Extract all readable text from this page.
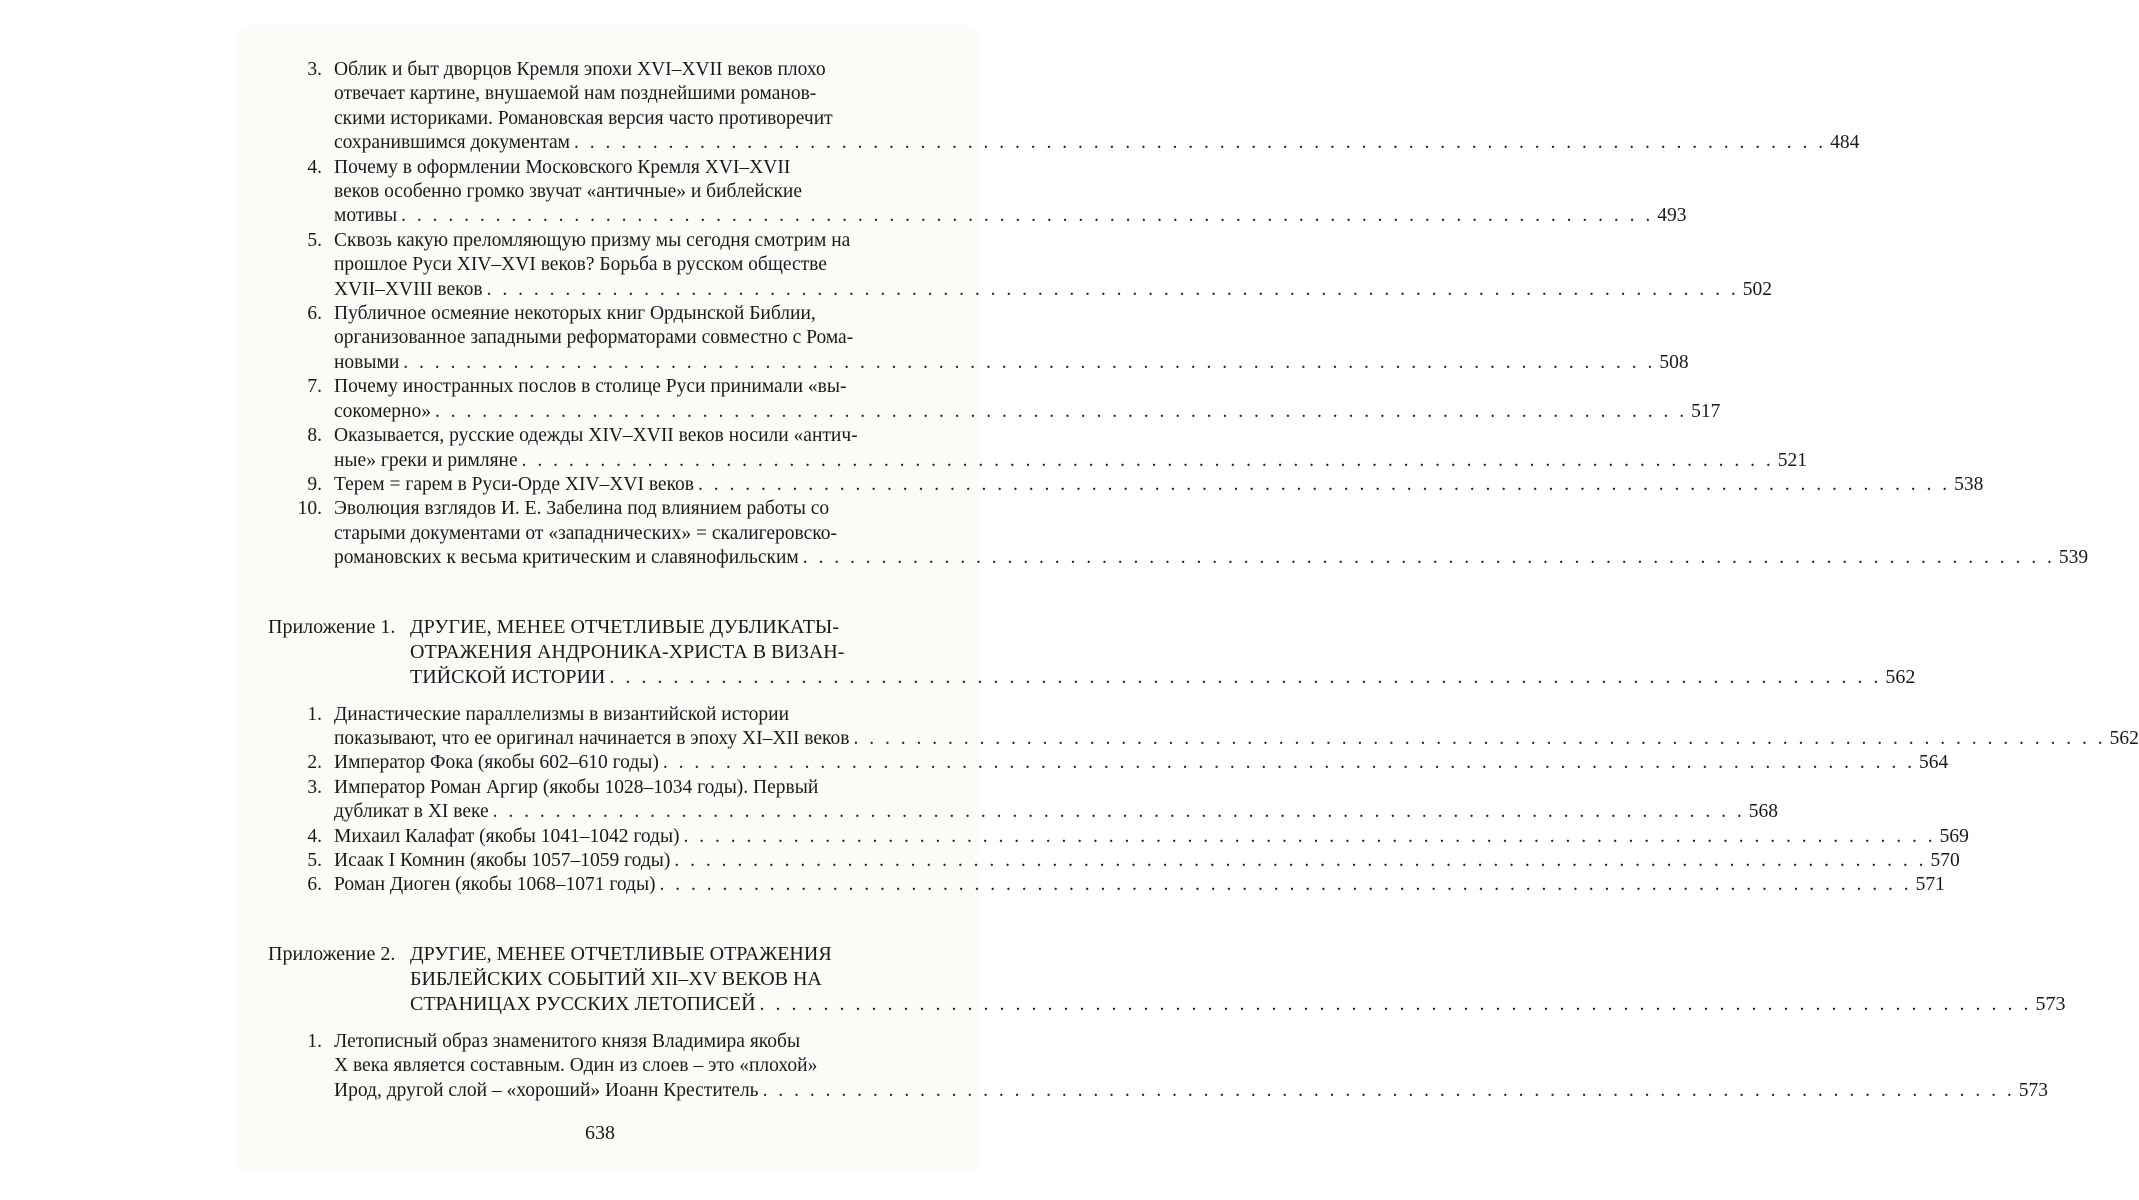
3. Облик и быт дворцов Кремля эпохи XVI–XVII веков плохо
отвечает картине, внушаемой нам позднейшими романов-
скими историками. Романовская версия часто противоречит
сохранившимся документам . . . . . . . . . . . . . . . . . . . . . . . . . . . . . . . . . . . . . . . . . . . . . . . . . . . . . . . . . . . . . . . . . . . . . . . . . . . . . . . . 484
4. Почему в оформлении Московского Кремля XVI–XVII
веков особенно громко звучат «античные» и библейские
мотивы . . . . . . . . . . . . . . . . . . . . . . . . . . . . . . . . . . . . . . . . . . . . . . . . . . . . . . . . . . . . . . . . . . . . . . . . . . . . . . . . 493
5. Сквозь какую преломляющую призму мы сегодня смотрим на
прошлое Руси XIV–XVI веков? Борьба в русском обществе
XVII–XVIII веков . . . . . . . . . . . . . . . . . . . . . . . . . . . . . . . . . . . . . . . . . . . . . . . . . . . . . . . . . . . . . . . . . . . . . . . . . . . . . . . . 502
6. Публичное осмеяние некоторых книг Ордынской Библии,
организованное западными реформаторами совместно с Рома-
новыми . . . . . . . . . . . . . . . . . . . . . . . . . . . . . . . . . . . . . . . . . . . . . . . . . . . . . . . . . . . . . . . . . . . . . . . . . . . . . . . . 508
7. Почему иностранных послов в столице Руси принимали «вы-
сокомерно» . . . . . . . . . . . . . . . . . . . . . . . . . . . . . . . . . . . . . . . . . . . . . . . . . . . . . . . . . . . . . . . . . . . . . . . . . . . . . . . . 517
8. Оказывается, русские одежды XIV–XVII веков носили «антич-
ные» греки и римляне . . . . . . . . . . . . . . . . . . . . . . . . . . . . . . . . . . . . . . . . . . . . . . . . . . . . . . . . . . . . . . . . . . . . . . . . . . . . . . . . 521
9. Терем = гарем в Руси-Орде XIV–XVI веков . . . . . . . . . . . . . . . . . . . . . . . . . . . . . . . . . . . . . . . . . . . . . . . . . . . . . . . . . . . . . . . . . . . . . . . . . . . . . . . . 538
10. Эволюция взглядов И. Е. Забелина под влиянием работы со
старыми документами от «западнических» = скалигеровско-
романовских к весьма критическим и славянофильским . . . . . . . . . . . . . . . . . . . . . . . . . . . . . . . . . . . . . . . . . . . . . . . . . . . . . . . . . . . . . . . . . . . . . . . . . . . . . . . . 539
Приложение 1. ДРУГИЕ, МЕНЕЕ ОТЧЕТЛИВЫЕ ДУБЛИКАТЫ-
ОТРАЖЕНИЯ АНДРОНИКА-ХРИСТА В ВИЗАН-
ТИЙСКОЙ ИСТОРИИ . . . . . . . . . . . . . . . . . . . . . . . . . . . . . . . . . . . . . . . . . . . . . . . . . . . . . . . . . . . . . . . . . . . . . . . . . . . . . . . . 562
1. Династические параллелизмы в византийской истории
показывают, что ее оригинал начинается в эпоху XI–XII веков . . . . . . . . . . . . . . . . . . . . . . . . . . . . . . . . . . . . . . . . . . . . . . . . . . . . . . . . . . . . . . . . . . . . . . . . . . . . . . . . 562
2. Император Фока (якобы 602–610 годы) . . . . . . . . . . . . . . . . . . . . . . . . . . . . . . . . . . . . . . . . . . . . . . . . . . . . . . . . . . . . . . . . . . . . . . . . . . . . . . . . 564
3. Император Роман Аргир (якобы 1028–1034 годы). Первый
дубликат в XI веке . . . . . . . . . . . . . . . . . . . . . . . . . . . . . . . . . . . . . . . . . . . . . . . . . . . . . . . . . . . . . . . . . . . . . . . . . . . . . . . . 568
4. Михаил Калафат (якобы 1041–1042 годы) . . . . . . . . . . . . . . . . . . . . . . . . . . . . . . . . . . . . . . . . . . . . . . . . . . . . . . . . . . . . . . . . . . . . . . . . . . . . . . . . 569
5. Исаак I Комнин (якобы 1057–1059 годы) . . . . . . . . . . . . . . . . . . . . . . . . . . . . . . . . . . . . . . . . . . . . . . . . . . . . . . . . . . . . . . . . . . . . . . . . . . . . . . . . 570
6. Роман Диоген (якобы 1068–1071 годы) . . . . . . . . . . . . . . . . . . . . . . . . . . . . . . . . . . . . . . . . . . . . . . . . . . . . . . . . . . . . . . . . . . . . . . . . . . . . . . . . 571
Приложение 2. ДРУГИЕ, МЕНЕЕ ОТЧЕТЛИВЫЕ ОТРАЖЕНИЯ
БИБЛЕЙСКИХ СОБЫТИЙ XII–XV ВЕКОВ НА
СТРАНИЦАХ РУССКИХ ЛЕТОПИСЕЙ . . . . . . . . . . . . . . . . . . . . . . . . . . . . . . . . . . . . . . . . . . . . . . . . . . . . . . . . . . . . . . . . . . . . . . . . . . . . . . . . 573
1. Летописный образ знаменитого князя Владимира якобы
X века является составным. Один из слоев – это «плохой»
Ирод, другой слой – «хороший» Иоанн Креститель . . . . . . . . . . . . . . . . . . . . . . . . . . . . . . . . . . . . . . . . . . . . . . . . . . . . . . . . . . . . . . . . . . . . . . . . . . . . . . . . 573
638
